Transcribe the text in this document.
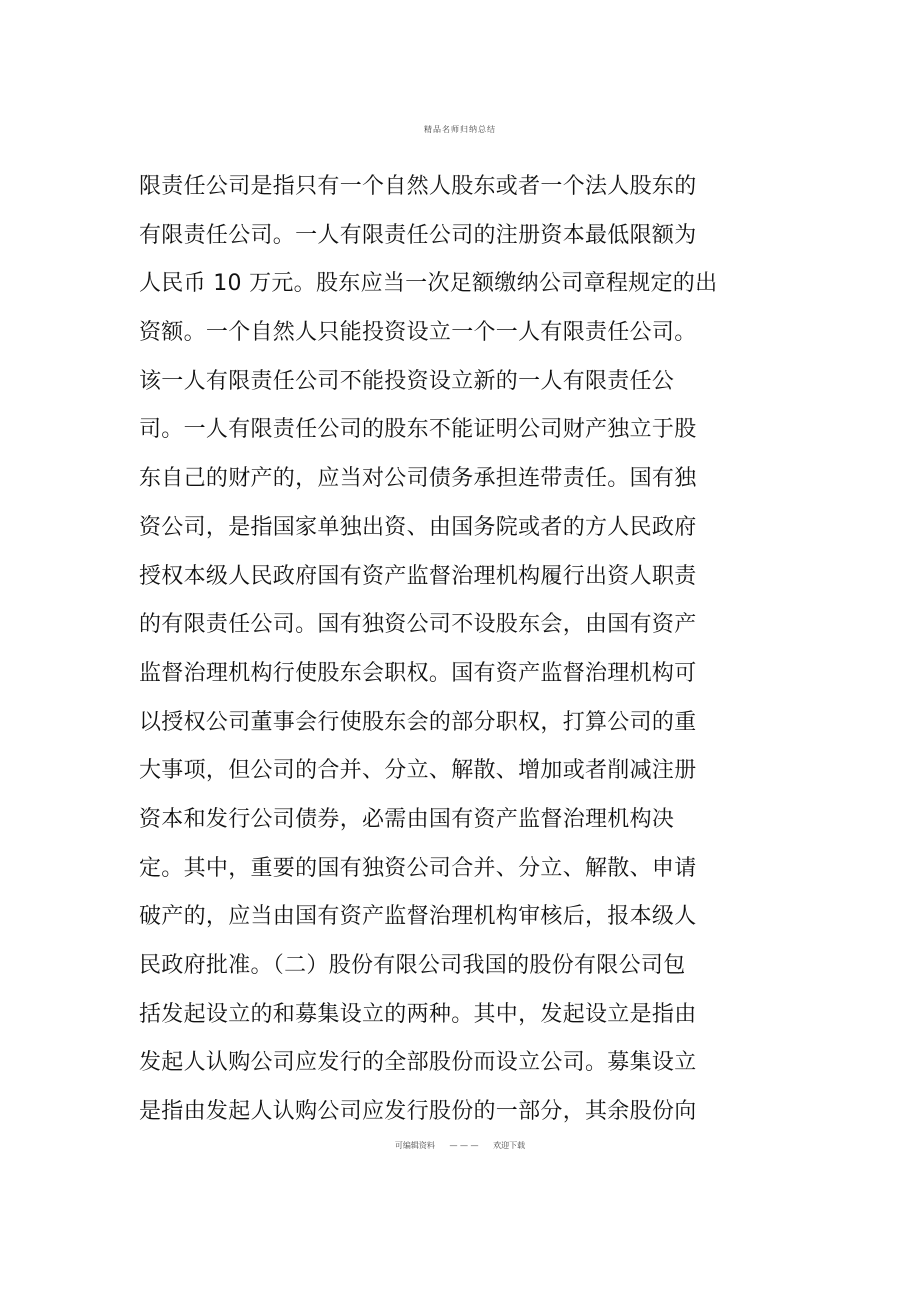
精品名师归纳总结
限责任公司是指只有一个自然人股东或者一个法人股东的
有限责任公司。一人有限责任公司的注册资本最低限额为
人民币 10 万元。股东应当一次足额缴纳公司章程规定的出
资额。一个自然人只能投资设立一个一人有限责任公司。
该一人有限责任公司不能投资设立新的一人有限责任公
司。一人有限责任公司的股东不能证明公司财产独立于股
东自己的财产的，应当对公司债务承担连带责任。国有独
资公司，是指国家单独出资、由国务院或者的方人民政府
授权本级人民政府国有资产监督治理机构履行出资人职责
的有限责任公司。国有独资公司不设股东会，由国有资产
监督治理机构行使股东会职权。国有资产监督治理机构可
以授权公司董事会行使股东会的部分职权，打算公司的重
大事项，但公司的合并、分立、解散、增加或者削减注册
资本和发行公司债券，必需由国有资产监督治理机构决
定。其中，重要的国有独资公司合并、分立、解散、申请
破产的，应当由国有资产监督治理机构审核后，报本级人
民政府批准。（二）股份有限公司我国的股份有限公司包
括发起设立的和募集设立的两种。其中，发起设立是指由
发起人认购公司应发行的全部股份而设立公司。募集设立
是指由发起人认购公司应发行股份的一部分，其余股份向
可编辑资料 — — — 欢迎下载
